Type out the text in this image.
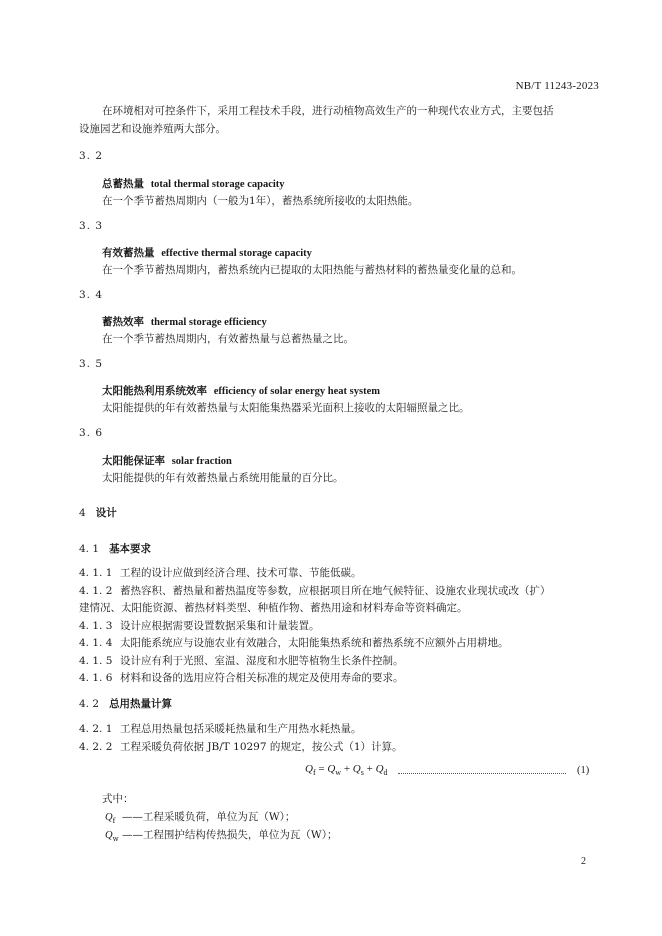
NB/T 11243-2023
在环境相对可控条件下，采用工程技术手段，进行动植物高效生产的一种现代农业方式，主要包括
设施园艺和设施养殖两大部分。
3. 2
总蓄热量 total thermal storage capacity
在一个季节蓄热周期内（一般为1年），蓄热系统所接收的太阳热能。
3. 3
有效蓄热量 effective thermal storage capacity
在一个季节蓄热周期内，蓄热系统内已提取的太阳热能与蓄热材料的蓄热量变化量的总和。
3. 4
蓄热效率 thermal storage efficiency
在一个季节蓄热周期内，有效蓄热量与总蓄热量之比。
3. 5
太阳能热利用系统效率 efficiency of solar energy heat system
太阳能提供的年有效蓄热量与太阳能集热器采光面积上接收的太阳辐照量之比。
3. 6
太阳能保证率 solar fraction
太阳能提供的年有效蓄热量占系统用能量的百分比。
4 设计
4. 1 基本要求
4. 1. 1 工程的设计应做到经济合理、技术可靠、节能低碳。
4. 1. 2 蓄热容积、蓄热量和蓄热温度等参数，应根据项目所在地气候特征、设施农业现状或改（扩）
建情况、太阳能资源、蓄热材料类型、种植作物、蓄热用途和材料寿命等资料确定。
4. 1. 3 设计应根据需要设置数据采集和计量装置。
4. 1. 4 太阳能系统应与设施农业有效融合，太阳能集热系统和蓄热系统不应额外占用耕地。
4. 1. 5 设计应有利于光照、室温、湿度和水肥等植物生长条件控制。
4. 1. 6 材料和设备的选用应符合相关标准的规定及使用寿命的要求。
4. 2 总用热量计算
4. 2. 1 工程总用热量包括采暖耗热量和生产用热水耗热量。
4. 2. 2 工程采暖负荷依据 JB/T 10297 的规定，按公式（1）计算。
$Q_f = Q_w + Q_s + Q_d$	(1)
式中：
$Q_f$ ——工程采暖负荷，单位为瓦（W）；
$Q_w$ ——工程围护结构传热损失，单位为瓦（W）；
2
